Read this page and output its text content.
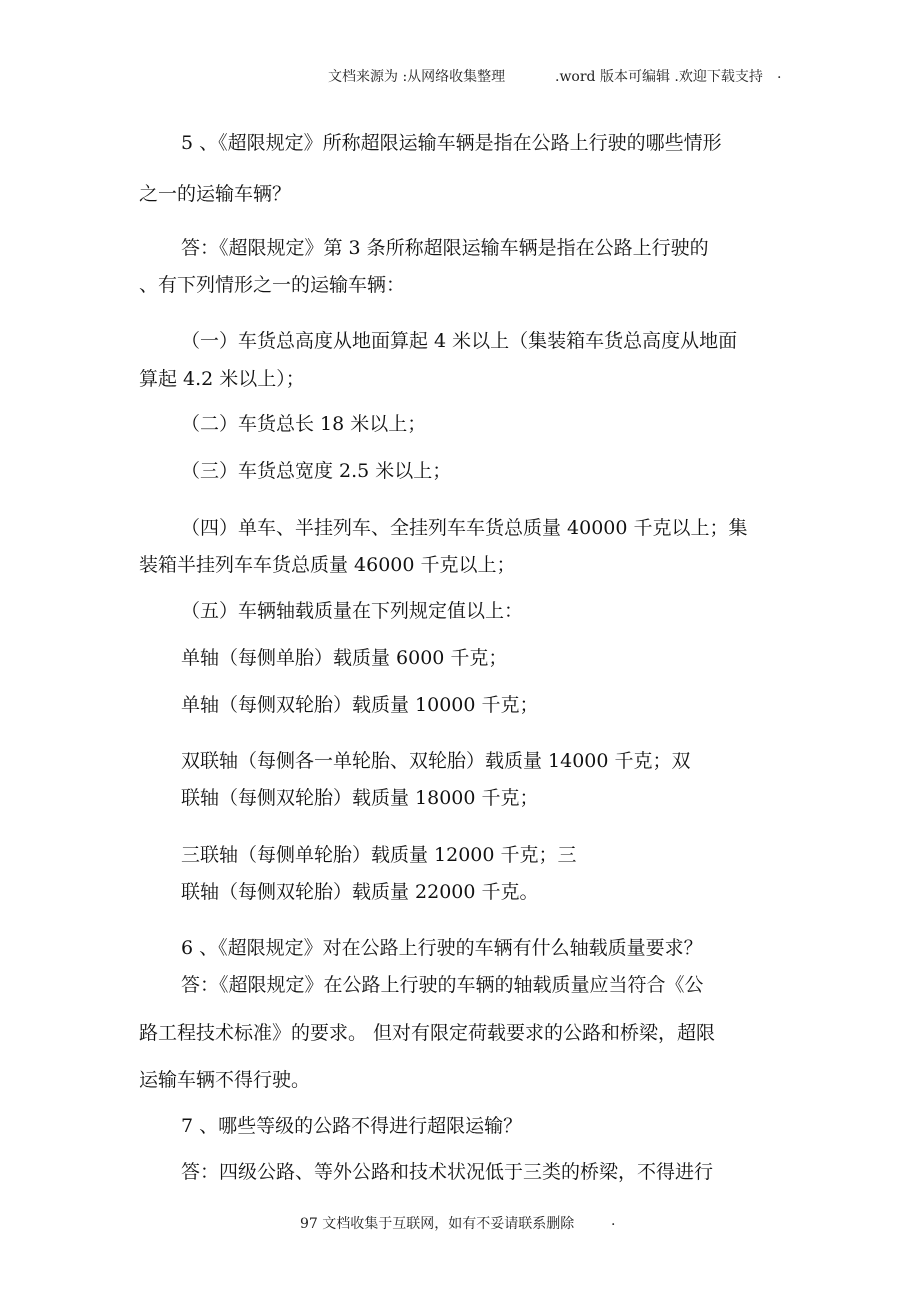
文档来源为 :从网络收集整理	.word 版本可编辑 .欢迎下载支持 .
5 、《超限规定》所称超限运输车辆是指在公路上行驶的哪些情形
之一的运输车辆？
答：《超限规定》第 3 条所称超限运输车辆是指在公路上行驶的
、有下列情形之一的运输车辆：
（一）车货总高度从地面算起 4 米以上（集装箱车货总高度从地面
算起 4.2 米以上）；
（二）车货总长 18 米以上；
（三）车货总宽度 2.5 米以上；
（四）单车、半挂列车、全挂列车车货总质量 40000 千克以上；集
装箱半挂列车车货总质量 46000 千克以上；
（五）车辆轴载质量在下列规定值以上：
单轴（每侧单胎）载质量 6000 千克；
单轴（每侧双轮胎）载质量 10000 千克；
双联轴（每侧各一单轮胎、双轮胎）载质量 14000 千克；双
联轴（每侧双轮胎）载质量 18000 千克；
三联轴（每侧单轮胎）载质量 12000 千克；三
联轴（每侧双轮胎）载质量 22000 千克。
6 、《超限规定》对在公路上行驶的车辆有什么轴载质量要求？
答：《超限规定》在公路上行驶的车辆的轴载质量应当符合《公
路工程技术标准》的要求。 但对有限定荷载要求的公路和桥梁，超限
运输车辆不得行驶。
7 、哪些等级的公路不得进行超限运输？
答：四级公路、等外公路和技术状况低于三类的桥梁，不得进行
97 文档收集于互联网，如有不妥请联系删除	.
